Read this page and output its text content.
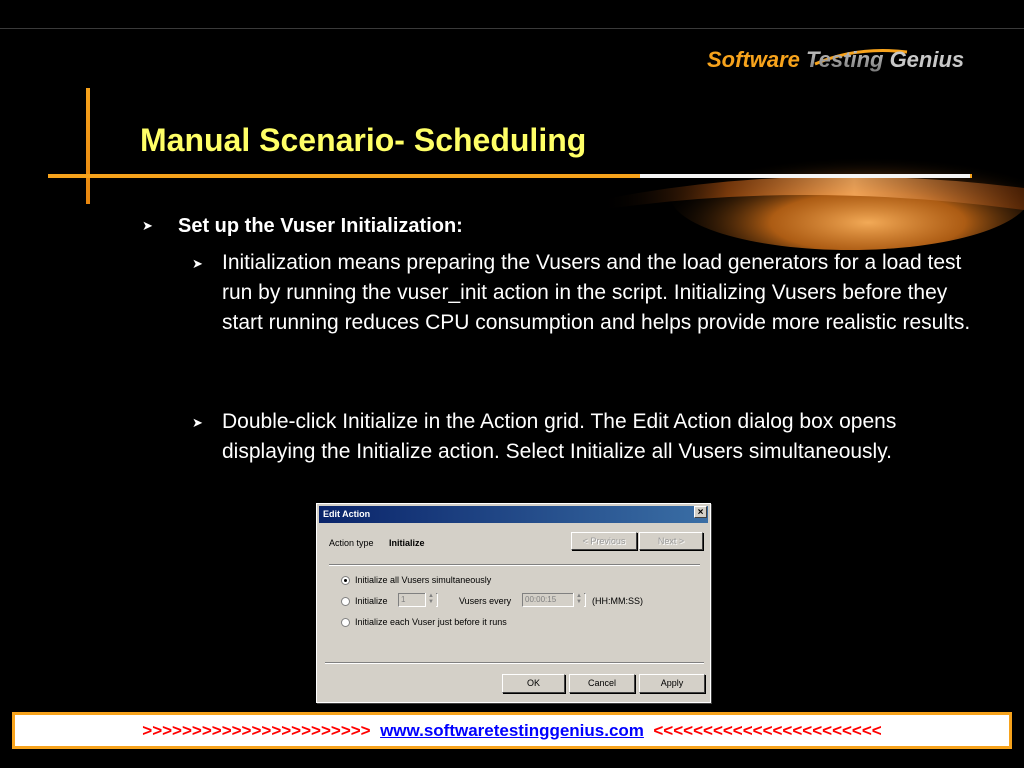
Software Testing Genius
Manual Scenario- Scheduling
➤ Set up the Vuser Initialization:
➤ Initialization means preparing the Vusers and the load generators for a load test run by running the vuser_init action in the script. Initializing Vusers before they start running reduces CPU consumption and helps provide more realistic results.
➤ Double-click Initialize in the Action grid. The Edit Action dialog box opens displaying the Initialize action. Select Initialize all Vusers simultaneously.
Edit Action	×
Action type Initialize	< Previous	Next >
Initialize all Vusers simultaneously
Initialize	1	▲
▼	Vusers every	00:00:15	▲
▼ (HH:MM:SS)
Initialize each Vuser just before it runs
OK	Cancel	Apply
>>>>>>>>>>>>>>>>>>>>>>> www.softwaretestinggenius.com <<<<<<<<<<<<<<<<<<<<<<<
